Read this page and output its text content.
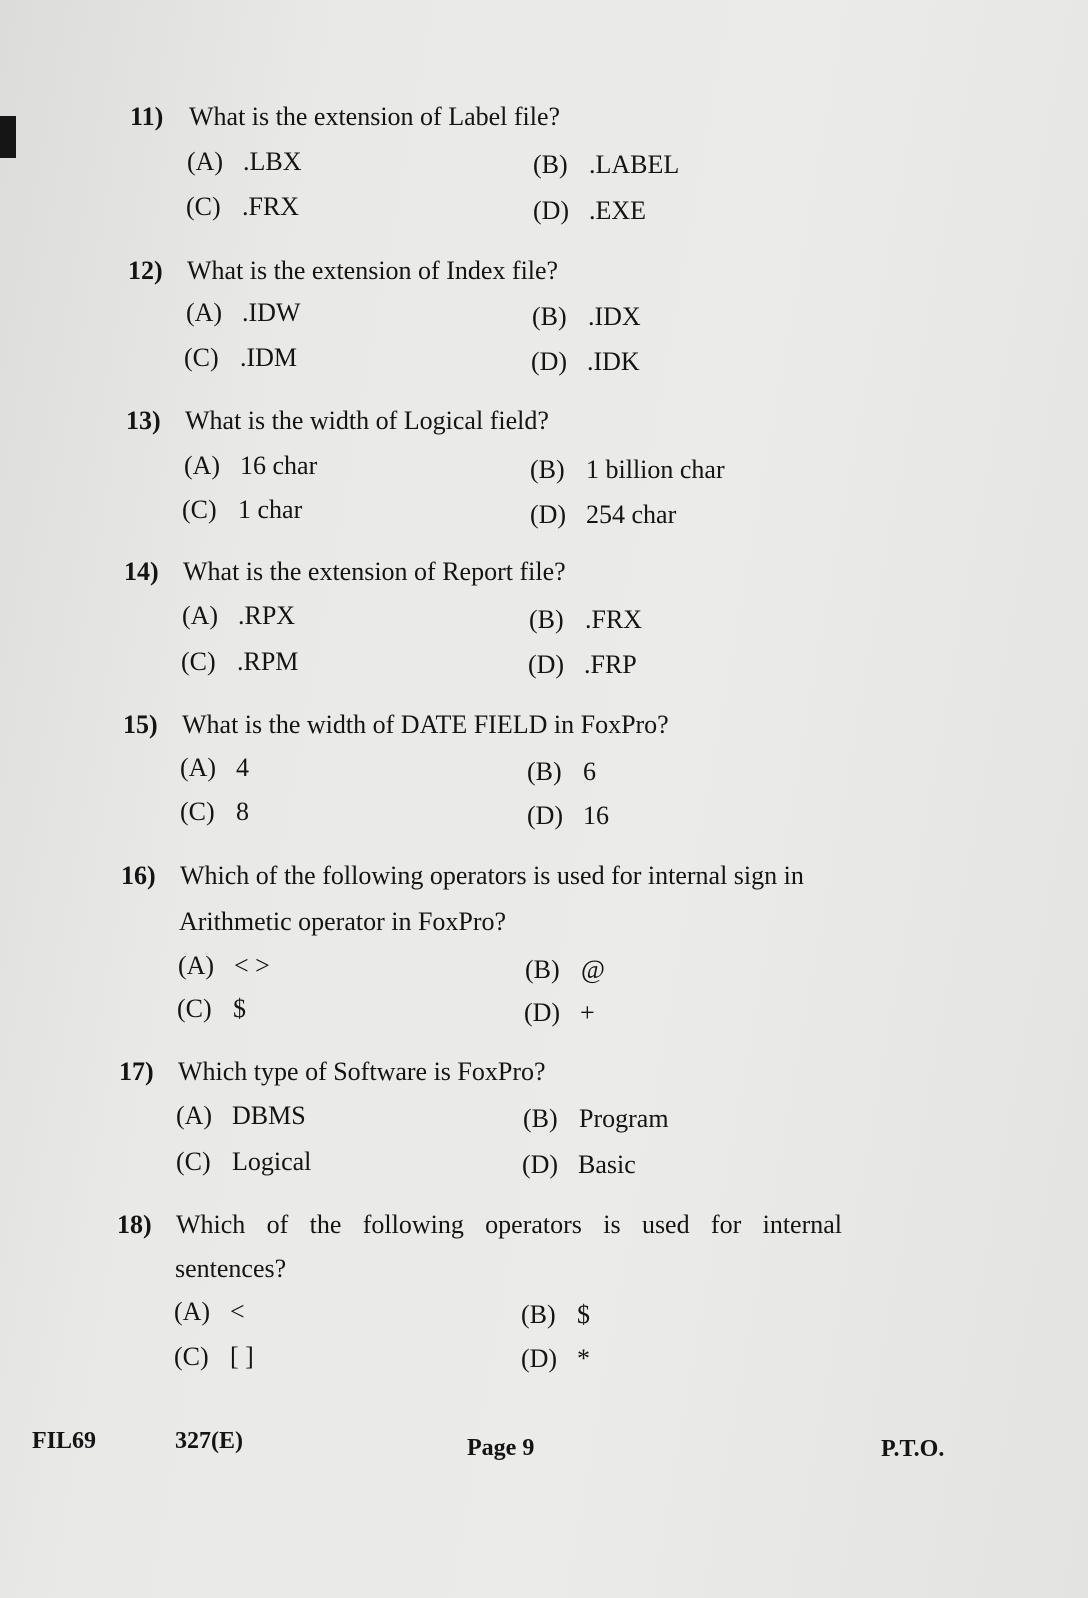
11) What is the extension of Label file?
(A) .LBX	(B) .LABEL
(C) .FRX	(D) .EXE
12) What is the extension of Index file?
(A) .IDW	(B) .IDX
(C) .IDM	(D) .IDK
13) What is the width of Logical field?
(A) 16 char	(B) 1 billion char
(C) 1 char	(D) 254 char
14) What is the extension of Report file?
(A) .RPX	(B) .FRX
(C) .RPM	(D) .FRP
15) What is the width of DATE FIELD in FoxPro?
(A) 4	(B) 6
(C) 8	(D) 16
16) Which of the following operators is used for internal sign in
Arithmetic operator in FoxPro?
(A) < >	(B) @
(C) $	(D) +
17) Which type of Software is FoxPro?
(A) DBMS	(B) Program
(C) Logical	(D) Basic
18) Which of the following operators is used for internal
sentences?
(A) <	(B) $
(C) [ ]	(D) *
FIL69	327(E)	Page 9	P.T.O.
